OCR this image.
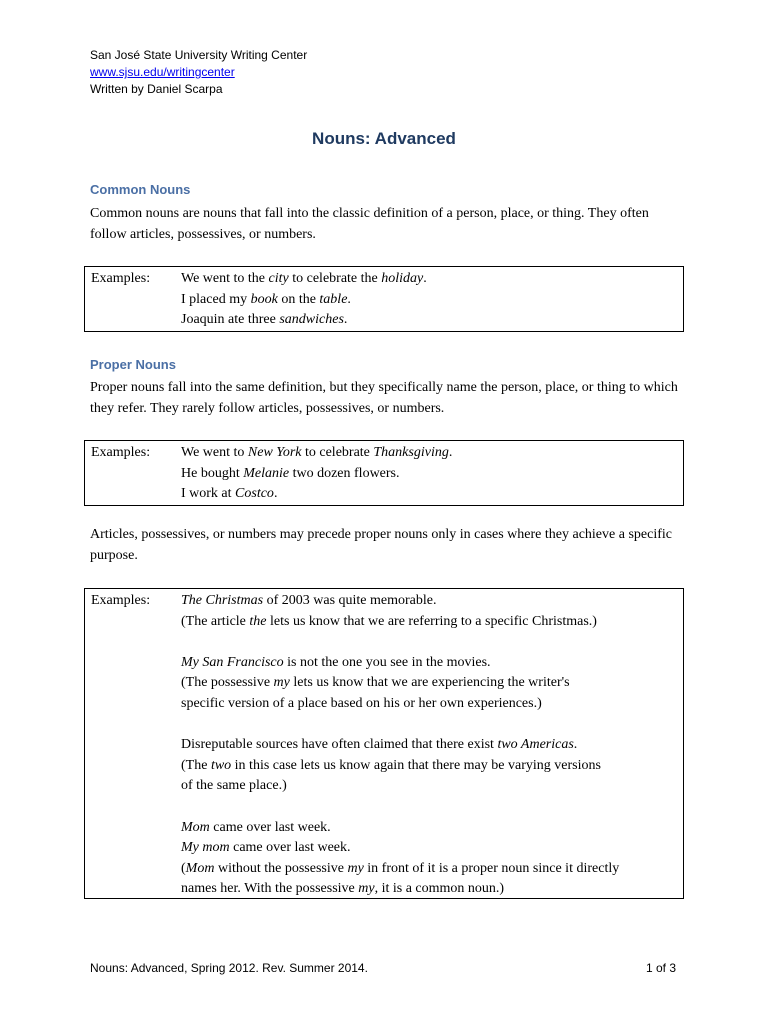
San José State University Writing Center
www.sjsu.edu/writingcenter
Written by Daniel Scarpa
Nouns: Advanced
Common Nouns
Common nouns are nouns that fall into the classic definition of a person, place, or thing. They often follow articles, possessives, or numbers.
Examples: We went to the city to celebrate the holiday.
I placed my book on the table.
Joaquin ate three sandwiches.
Proper Nouns
Proper nouns fall into the same definition, but they specifically name the person, place, or thing to which they refer. They rarely follow articles, possessives, or numbers.
Examples: We went to New York to celebrate Thanksgiving.
He bought Melanie two dozen flowers.
I work at Costco.
Articles, possessives, or numbers may precede proper nouns only in cases where they achieve a specific purpose.
Examples: The Christmas of 2003 was quite memorable.
(The article the lets us know that we are referring to a specific Christmas.)
My San Francisco is not the one you see in the movies.
(The possessive my lets us know that we are experiencing the writer's
specific version of a place based on his or her own experiences.)
Disreputable sources have often claimed that there exist two Americas.
(The two in this case lets us know again that there may be varying versions
of the same place.)
Mom came over last week.
My mom came over last week.
(Mom without the possessive my in front of it is a proper noun since it directly
names her. With the possessive my, it is a common noun.)
Nouns: Advanced, Spring 2012. Rev. Summer 2014.	1 of 3
